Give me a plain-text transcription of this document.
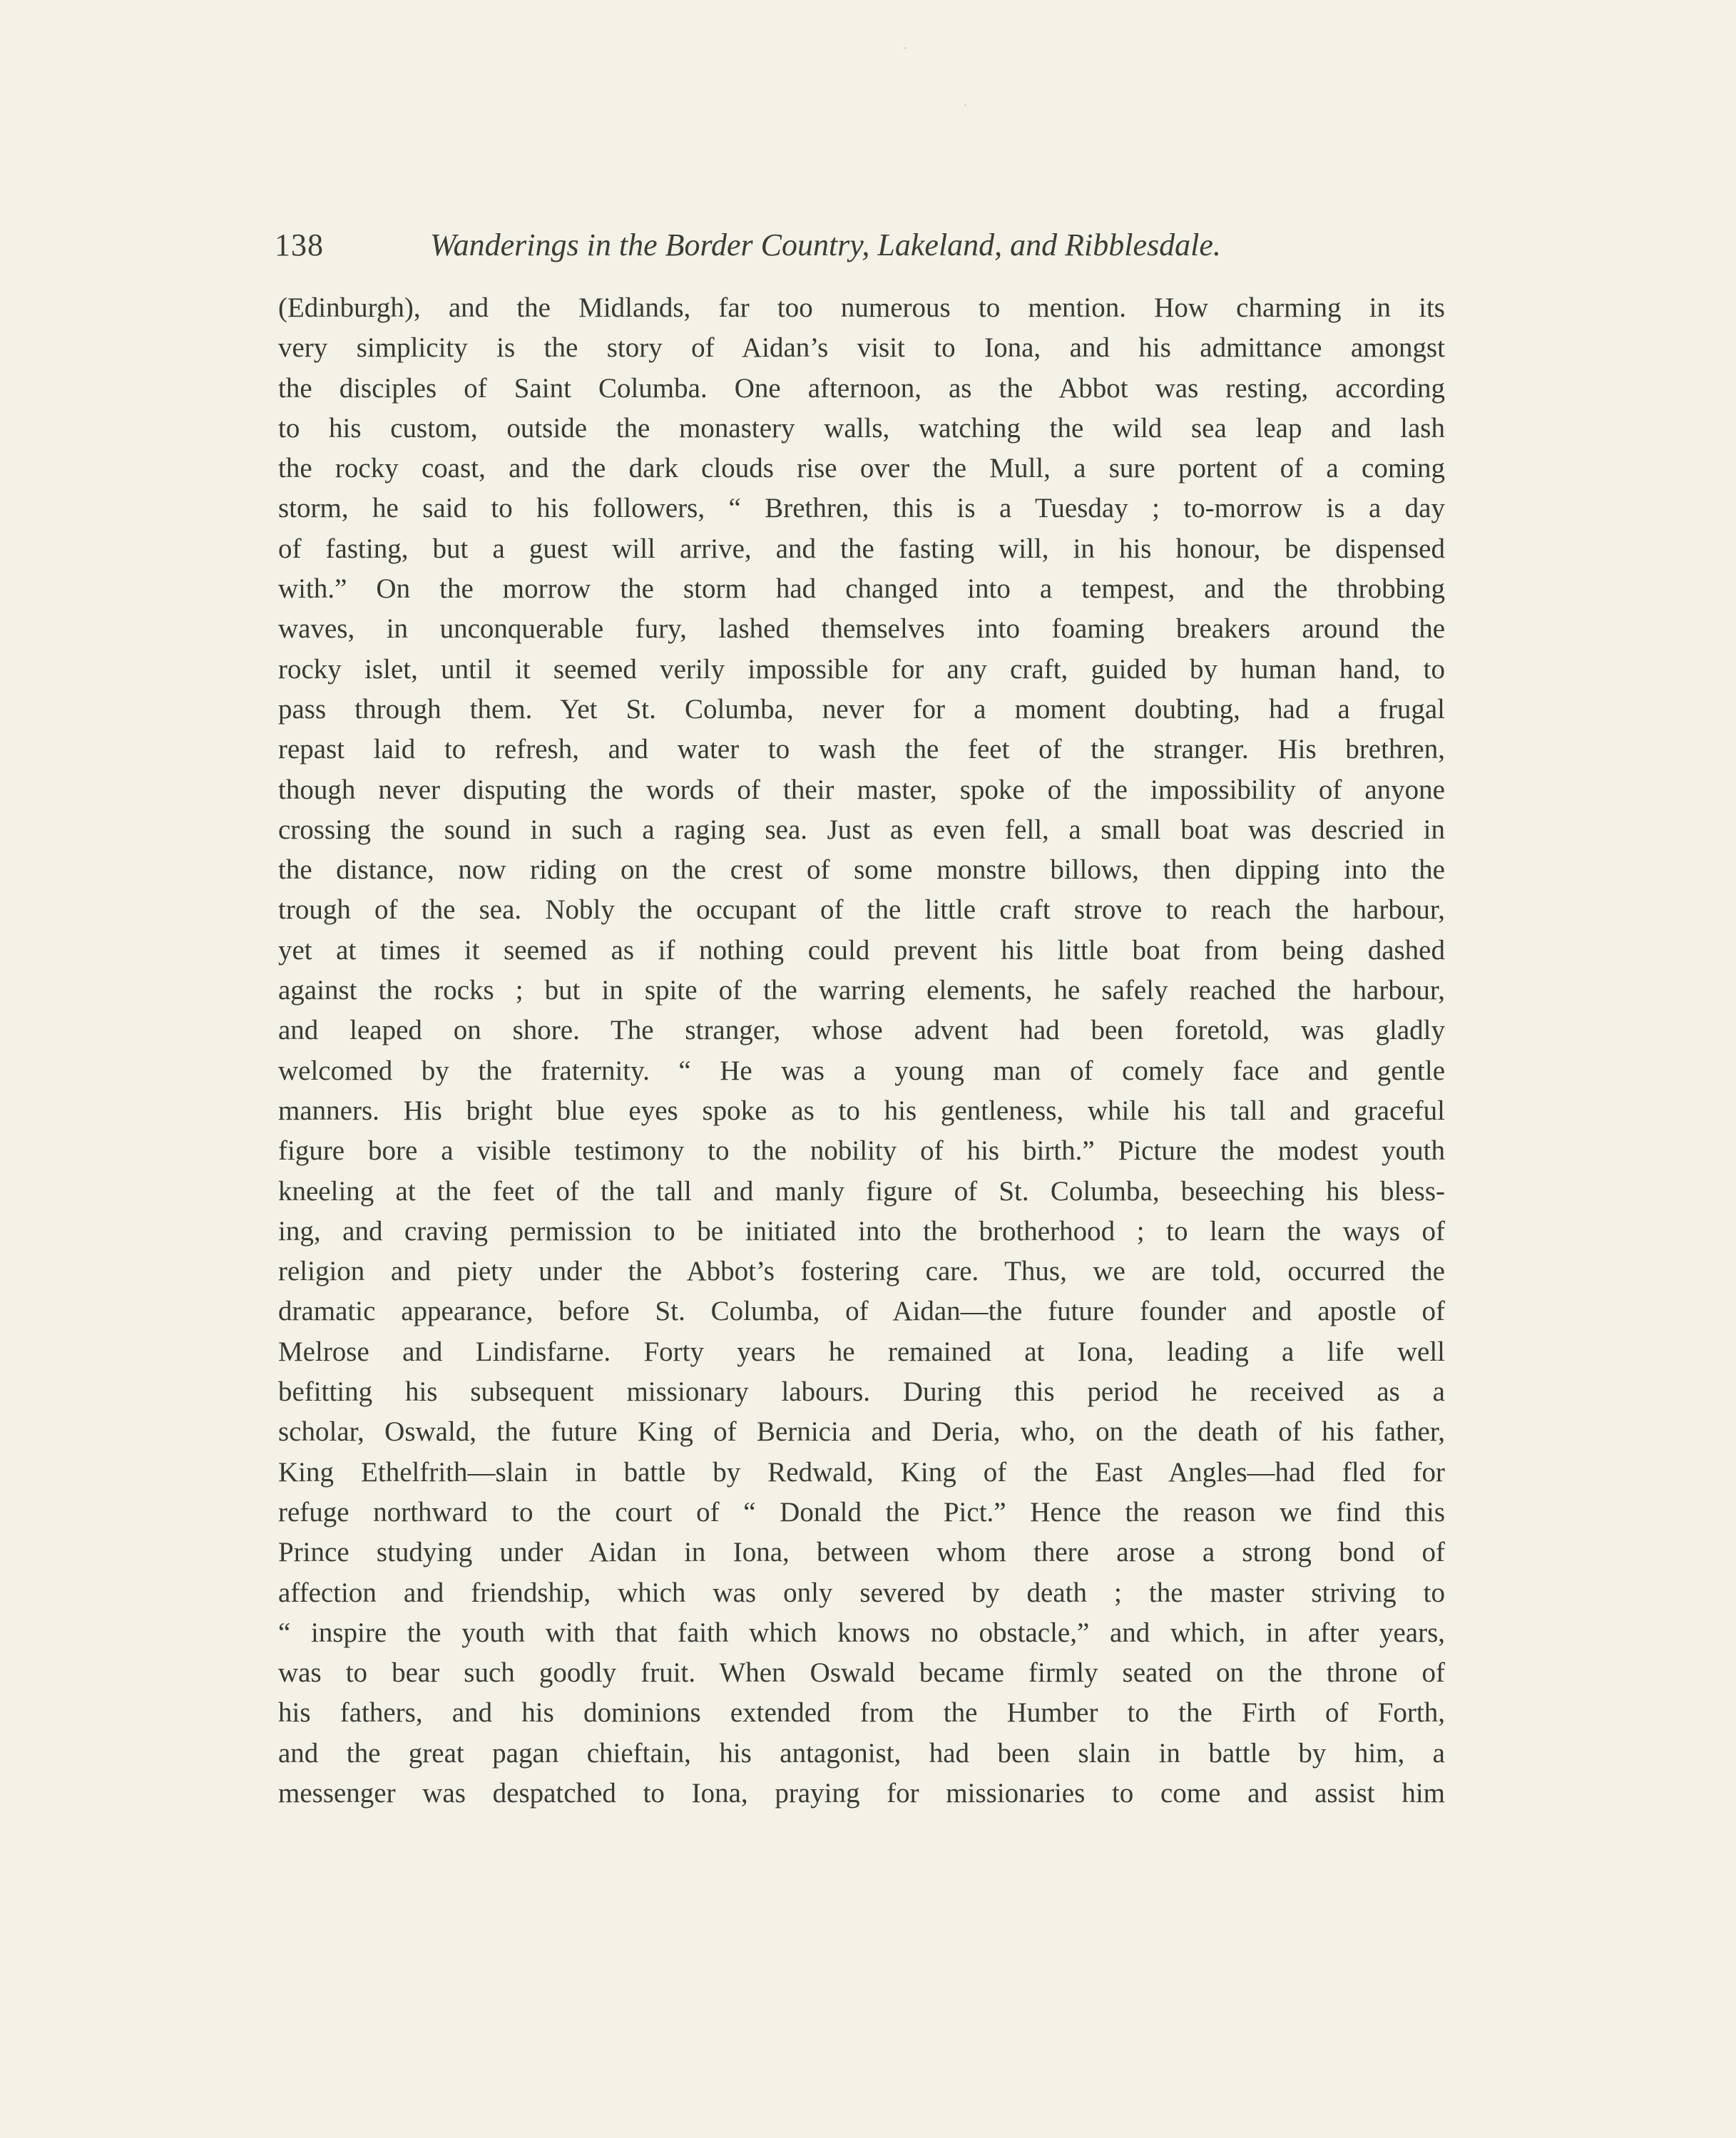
138	Wanderings in the Border Country, Lakeland, and Ribblesdale.
(Edinburgh), and the Midlands, far too numerous to mention. How charming in its
very simplicity is the story of Aidan’s visit to Iona, and his admittance amongst
the disciples of Saint Columba. One afternoon, as the Abbot was resting, according
to his custom, outside the monastery walls, watching the wild sea leap and lash
the rocky coast, and the dark clouds rise over the Mull, a sure portent of a coming
storm, he said to his followers, “ Brethren, this is a Tuesday ; to-morrow is a day
of fasting, but a guest will arrive, and the fasting will, in his honour, be dispensed
with.” On the morrow the storm had changed into a tempest, and the throbbing
waves, in unconquerable fury, lashed themselves into foaming breakers around the
rocky islet, until it seemed verily impossible for any craft, guided by human hand, to
pass through them. Yet St. Columba, never for a moment doubting, had a frugal
repast laid to refresh, and water to wash the feet of the stranger. His brethren,
though never disputing the words of their master, spoke of the impossibility of anyone
crossing the sound in such a raging sea. Just as even fell, a small boat was descried in
the distance, now riding on the crest of some monstre billows, then dipping into the
trough of the sea. Nobly the occupant of the little craft strove to reach the harbour,
yet at times it seemed as if nothing could prevent his little boat from being dashed
against the rocks ; but in spite of the warring elements, he safely reached the harbour,
and leaped on shore. The stranger, whose advent had been foretold, was gladly
welcomed by the fraternity. “ He was a young man of comely face and gentle
manners. His bright blue eyes spoke as to his gentleness, while his tall and graceful
figure bore a visible testimony to the nobility of his birth.” Picture the modest youth
kneeling at the feet of the tall and manly figure of St. Columba, beseeching his bless-
ing, and craving permission to be initiated into the brotherhood ; to learn the ways of
religion and piety under the Abbot’s fostering care. Thus, we are told, occurred the
dramatic appearance, before St. Columba, of Aidan—the future founder and apostle of
Melrose and Lindisfarne. Forty years he remained at Iona, leading a life well
befitting his subsequent missionary labours. During this period he received as a
scholar, Oswald, the future King of Bernicia and Deria, who, on the death of his father,
King Ethelfrith—slain in battle by Redwald, King of the East Angles—had fled for
refuge northward to the court of “ Donald the Pict.” Hence the reason we find this
Prince studying under Aidan in Iona, between whom there arose a strong bond of
affection and friendship, which was only severed by death ; the master striving to
“ inspire the youth with that faith which knows no obstacle,” and which, in after years,
was to bear such goodly fruit. When Oswald became firmly seated on the throne of
his fathers, and his dominions extended from the Humber to the Firth of Forth,
and the great pagan chieftain, his antagonist, had been slain in battle by him, a
messenger was despatched to Iona, praying for missionaries to come and assist him
